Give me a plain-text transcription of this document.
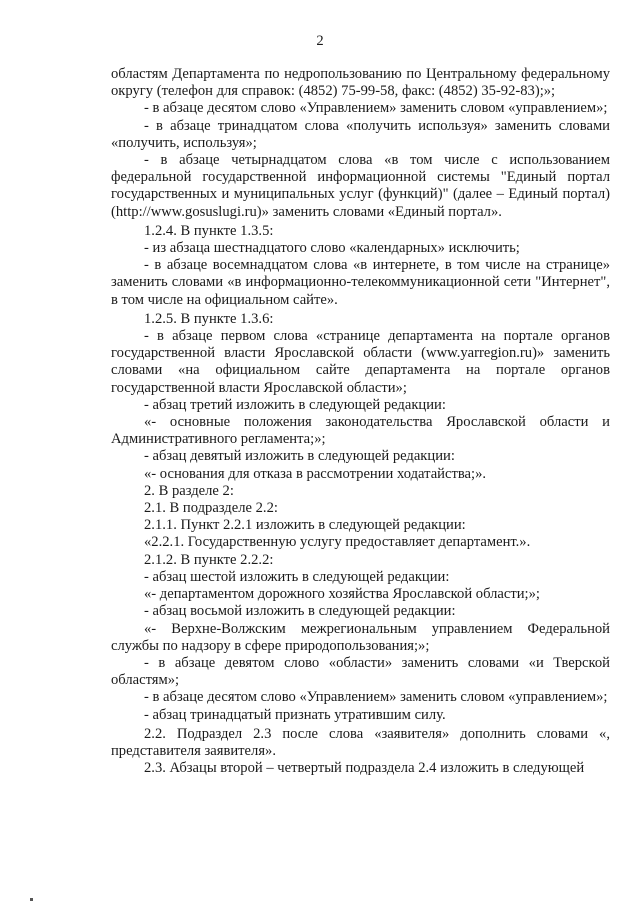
2

областям Департамента по недропользованию по Центральному федеральному округу (телефон для справок: (4852) 75-99-58, факс: (4852) 35-92-83);»;

- в абзаце десятом слово «Управлением» заменить словом «управлением»;

- в абзаце тринадцатом слова «получить используя» заменить словами «получить, используя»;

- в абзаце четырнадцатом слова «в том числе с использованием федеральной государственной информационной системы "Единый портал государственных и муниципальных услуг (функций)" (далее – Единый портал) (http://www.gosuslugi.ru)» заменить словами «Единый портал».

1.2.4. В пункте 1.3.5:

- из абзаца шестнадцатого слово «календарных» исключить;

- в абзаце восемнадцатом слова «в интернете, в том числе на странице» заменить словами «в информационно-телекоммуникационной сети "Интернет", в том числе на официальном сайте».

1.2.5. В пункте 1.3.6:

- в абзаце первом слова «странице департамента на портале органов государственной власти Ярославской области (www.yarregion.ru)» заменить словами «на официальном сайте департамента на портале органов государственной власти Ярославской области»;

- абзац третий изложить в следующей редакции:

«- основные положения законодательства Ярославской области и Административного регламента;»;

- абзац девятый изложить в следующей редакции:

«- основания для отказа в рассмотрении ходатайства;».

2. В разделе 2:

2.1. В подразделе 2.2:

2.1.1. Пункт 2.2.1 изложить в следующей редакции:

«2.2.1. Государственную услугу предоставляет департамент.».

2.1.2. В пункте 2.2.2:

- абзац шестой изложить в следующей редакции:

«- департаментом дорожного хозяйства Ярославской области;»;

- абзац восьмой изложить в следующей редакции:

«- Верхне-Волжским межрегиональным управлением Федеральной службы по надзору в сфере природопользования;»;

- в абзаце девятом слово «области» заменить словами «и Тверской областям»;

- в абзаце десятом слово «Управлением» заменить словом «управлением»;

- абзац тринадцатый признать утратившим силу.

2.2. Подраздел 2.3 после слова «заявителя» дополнить словами «, представителя заявителя».

2.3. Абзацы второй – четвертый подраздела 2.4 изложить в следующей
